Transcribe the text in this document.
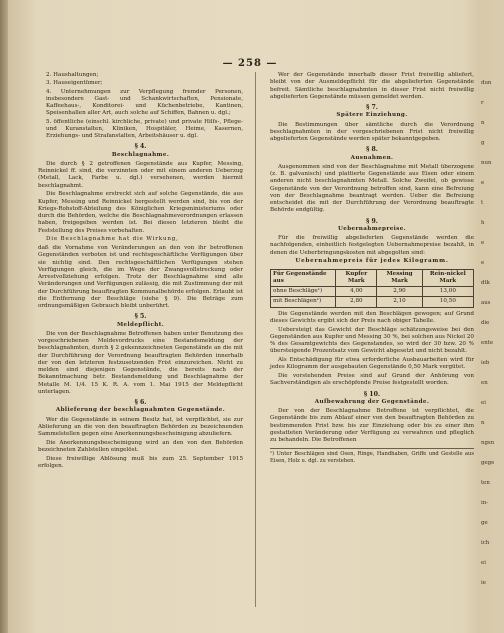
— 258 —

2. Haushaltungen;

3. Hauseigentümer;

4. Unternehmungen zur Verpflegung fremder Personen, insbesondere Gast- und Schankwirtschaften, Pensionate, Kaffeehaus-, Konditorei- und Küchenbetriebe, Kantinen, Speisenhallen aller Art, auch solche auf Schiffen, Bahnen u. dgl.;

5. öffentliche (einschl. kirchliche, private) und private Hilfs-, Pflege- und Kuranstalten, Kliniken, Hospitäler, Heime, Kasernen, Erziehungs- und Strafanstalten, Arbeitshäuser u. dgl.

§ 4.
Beschlagnahme.

Die durch § 2 getroffenen Gegenstände aus Kupfer, Messing, Reinnickel ff. sind, die verzinnten oder mit einem anderen Ueberzug (Metall, Lack, Farbe u. dgl.) versehenen, werden hiermit beschlagnahmt.

Die Beschlagnahme erstreckt sich auf solche Gegenstände, die aus Kupfer, Messing und Reinnickel hergestellt werden sind, bis von der Kriegs-Rohstoff-Abteilung des Königlichen Kriegsministeriums oder durch die Behörden, welche die Beschlagnahmeverordnungen erlassen haben, freigegeben werden ist. Bei diesen letzteren bleibt die Feststellung des Preises vorbehalten.

Die Beschlagnahme hat die Wirkung,

daß die Vornahme von Veränderungen an den von ihr betroffenen Gegenständen verboten ist und rechtsgeschäftliche Verfügungen über sie nichtig sind. Den rechtsgeschäftlichen Verfügungen stehen Verfügungen gleich, die im Wege der Zwangsvollstreckung oder Arrestvollziehung erfolgen. Trotz der Beschlagnahme sind alle Veränderungen und Verfügungen zulässig, die mit Zustimmung der mit der Durchführung beauftragten Kommunalbehörde erfolgen. Erlaubt ist die Entfernung der Beschläge (siehe § 9). Die Beträge zum ordnungsmäßigen Gebrauch bleibt unberührt.

§ 5.
Meldepflicht.

Die von der Beschlagnahme Betroffenen haben unter Benutzung des vorgeschriebenen Meldevordrucks eine Bestandsmeldung der beschlagnahmten, durch § 2 gekennzeichneten Gegenstände an die mit der Durchführung der Verordnung beauftragten Behörden innerhalb der von den letzteren festzusetzenden Frist einzureichen. Nicht zu melden sind diejenigen Gegenstände, die bereits nach der Bekanntmachung betr. Bestandsmeldung und Beschlagnahme der Metalle M. 1/4. 15 K. R. A. vom 1. Mai 1915 der Meldepflicht unterlagen.

§ 6.
Ablieferung der beschlagnahmten Gegenstände.

Wer die Gegenstände in seinem Besitz hat, ist verpflichtet, sie zur Ablieferung an die von den beauftragten Behörden zu bezeichnenden Sammelstellen gegen eine Anerkennungsbescheinigung abzuliefern.

Die Anerkennungsbescheinigung wird an den von den Behörden bezeichneten Zahlstellen eingelöst.

Diese freiwillige Ablösung muß bis zum 25. September 1915 erfolgen.

Wer der Gegenstände innerhalb dieser Frist freiwillig abliefert, bleibt von der Ausmeldepflicht für die abgelieferten Gegenstände befreit. Sämtliche beschlagnahmten in dieser Frist nicht freiwillig abgelieferten Gegenstände müssen gemeldet werden.

§ 7.
Spätere Einziehung.

Die Bestimmungen über sämtliche durch die Verordnung beschlagnahmten in der vorgeschriebenen Frist nicht freiwillig abgelieferten Gegenstände werden später bekanntgegeben.

§ 8.
Ausnahmen.

Ausgenommen sind von der Beschlagnahme mit Metall überzogene (z. B. galvanisch) und plattierte Gegenstände aus Eisen oder einem anderen nicht beschlagnahmten Metall. Solche Zweifel, ob gewisse Gegenstände von der Verordnung betroffen sind, kann eine Befreiung von der Beschlagnahme beantragt werden. Ueber die Befreiung entscheidet die mit der Durchführung der Verordnung beauftragte Behörde endgültig.

§ 9.
Uebernahmepreise.

Für die freiwillig abgelieferten Gegenstände werden die nachfolgenden, einheitlich festgelegten Uebernahmepreise bezahlt, in denen die Ueberbringungskosten mit abgegolten sind:

Uebernahmepreis für jedes Kilogramm.
Für Gegenstände aus	Kupfer Mark	Messing Mark	Rein-nickel Mark
ohne Beschläge¹)	4,00	2,90	13,00
mit Beschlägen¹)	2,80	2,10	10,50

Die Gegenstände werden mit den Beschlägen gewogen; auf Grund dieses Gewichts ergibt sich der Preis nach obiger Tabelle.

Uebersteigt das Gewicht der Beschläge schätzungsweise bei den Gegenständen aus Kupfer und Messing 30 %, bei solchen aus Nickel 20 % des Gesamtgewichts des Gegenstandes, so wird der 30 bzw. 20 % übersteigende Prozentsatz vom Gewicht abgesetzt und nicht bezahlt.

Als Entschädigung für etwa erforderliche Ausbauarbeiten wird für jedes Kilogramm der ausgebauten Gegenstände 0,50 Mark vergütet.

Die vorstehenden Preise sind auf Grund der Anhörung von Sachverständigen als erschöpfende Preise festgestellt worden.

§ 10.
Aufbewahrung der Gegenstände.

Der von der Beschlagnahme Betroffene ist verpflichtet, die Gegenstände bis zum Ablauf einer von den beauftragten Behörden zu bestimmenden Frist bzw. bis zur Einziehung oder bis zu einer ihm gestatteten Veränderung oder Verfügung zu verwahren und pfleglich zu behandeln. Die Betroffenen

¹) Unter Beschlägen sind Osen, Ringe, Handhaben, Griffe und Gestelle aus Eisen, Holz u. dgl. zu verstehen.
dun
r
n
g
nun
e
t
h
e
e
dtk
aus
die
ente
ieb
en
ei
n
ngsn
gege
ten
in-
ge
ich
ei
ie
